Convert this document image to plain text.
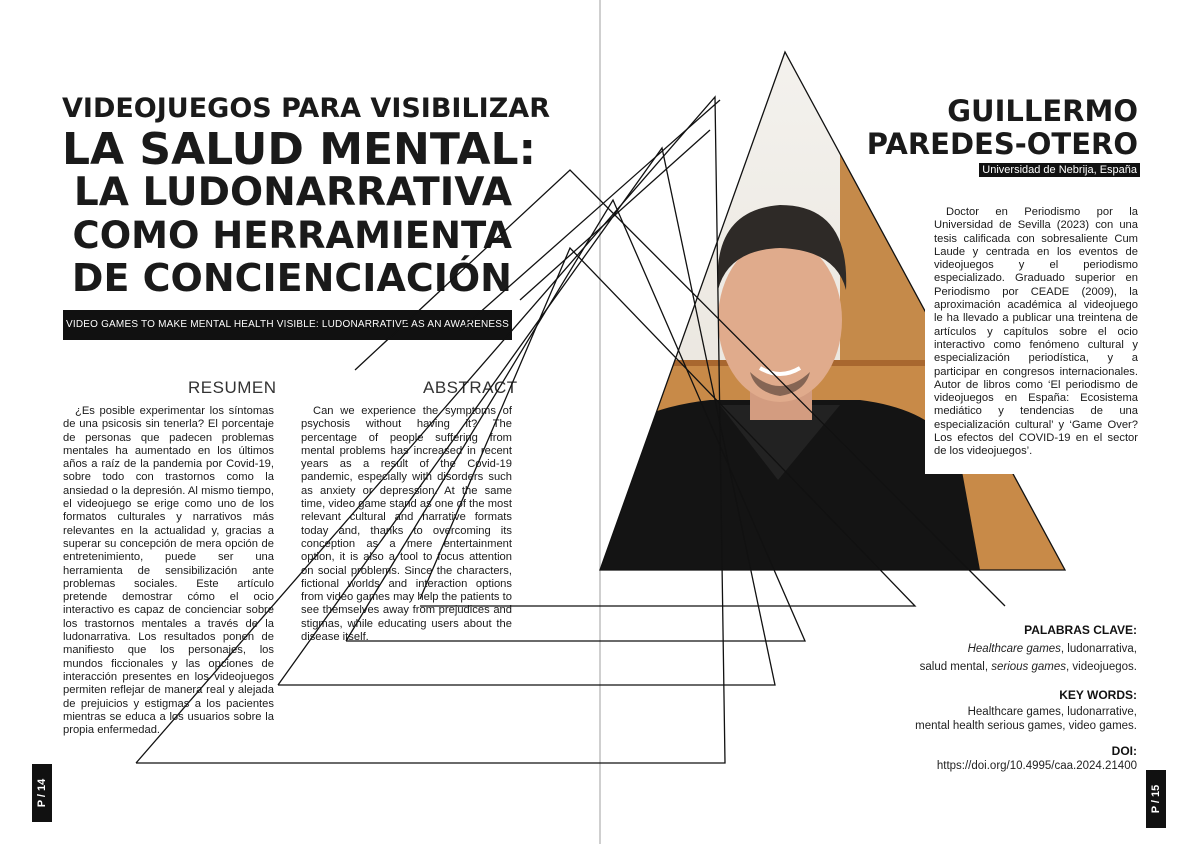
VIDEOJUEGOS PARA VISIBILIZAR
LA SALUD MENTAL:
LA LUDONARRATIVA
COMO HERRAMIENTA
DE CONCIENCIACIÓN
VIDEO GAMES TO MAKE MENTAL HEALTH VISIBLE: LUDONARRATIVE AS AN AWARENESS TOOL
RESUMEN

¿Es posible experimentar los síntomas de una psicosis sin tenerla? El porcentaje de personas que padecen problemas mentales ha aumentado en los últimos años a raíz de la pandemia por Covid-19, sobre todo con trastornos como la ansiedad o la depresión. Al mismo tiempo, el videojuego se erige como uno de los formatos culturales y narrativos más relevantes en la actualidad y, gracias a superar su concepción de mera opción de entretenimiento, puede ser una herramienta de sensibilización ante problemas sociales. Este artículo pretende demostrar cómo el ocio interactivo es capaz de concienciar sobre los trastornos mentales a través de la ludonarrativa. Los resultados ponen de manifiesto que los personajes, los mundos ficcionales y las opciones de interacción presentes en los videojuegos permiten reflejar de manera real y alejada de prejuicios y estigmas a los pacientes mientras se educa a los usuarios sobre la propia enfermedad.

ABSTRACT

Can we experience the symptoms of psychosis without having it? The percentage of people suffering from mental problems has increased in recent years as a result of the Covid-19 pandemic, especially with disorders such as anxiety or depression. At the same time, video game stand as one of the most relevant cultural and narrative formats today and, thanks to overcoming its conception as a mere entertainment option, it is also a tool to focus attention on social problems. Since the characters, fictional worlds and interaction options from video games may help the patients to see themselves away from prejudices and stigmas, while educating users about the disease itself.

P / 14
GUILLERMO
PAREDES-OTERO
Universidad de Nebrija, España
P / 15

Doctor en Periodismo por la Universidad de Sevilla (2023) con una tesis calificada con sobresaliente Cum Laude y centrada en los eventos de videojuegos y el periodismo especializado. Graduado superior en Periodismo por CEADE (2009), la aproximación académica al videojuego le ha llevado a publicar una treintena de artículos y capítulos sobre el ocio interactivo como fenómeno cultural y especialización periodística, y a participar en congresos internacionales. Autor de libros como ‘El periodismo de videojuegos en España: Ecosistema mediático y tendencias de una especialización cultural’ y ‘Game Over? Los efectos del COVID-19 en el sector de los videojuegos’.

PALABRAS CLAVE:
Healthcare games, ludonarrativa,
salud mental, serious games, videojuegos.
KEY WORDS:
Healthcare games, ludonarrative,
mental health serious games, video games.
DOI:
https://doi.org/10.4995/caa.2024.21400
